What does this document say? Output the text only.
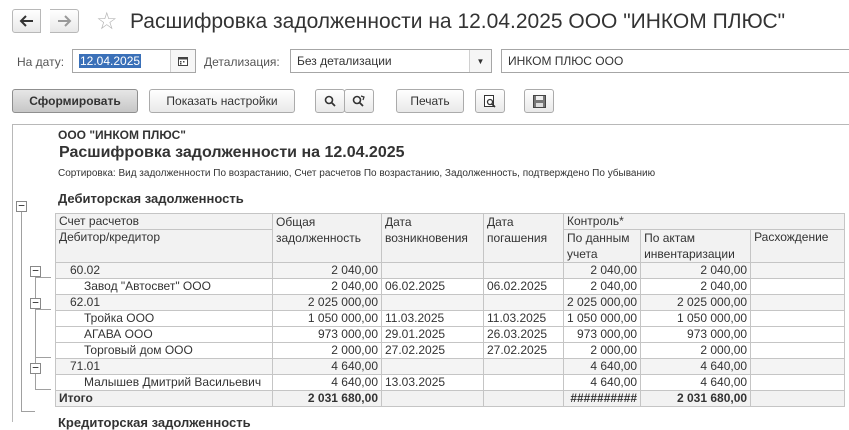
☆ Расшифровка задолженности на 12.04.2025 ООО "ИНКОМ ПЛЮС"
На дату:	12.04.2025	Детализация:	Без детализации	▼	ИНКОМ ПЛЮС ООО
Сформировать	Показать настройки	Печать
−
−
−
−
ООО "ИНКОМ ПЛЮС"
Расшифровка задолженности на 12.04.2025
Сортировка: Вид задолженности По возрастанию, Счет расчетов По возрастанию, Задолженность, подтверждено По убыванию
Дебиторская задолженность
Счет расчетов	Общая задолженность	Дата возникновения	Дата погашения	Контроль*		
Дебитор/кредитор				По данным учета	По актам инвентаризации	Расхождение
60.02	2 040,00			2 040,00	2 040,00	
Завод "Автосвет" ООО	2 040,00	06.02.2025	06.02.2025	2 040,00	2 040,00	
62.01	2 025 000,00			2 025 000,00	2 025 000,00	
Тройка ООО	1 050 000,00	11.03.2025	11.03.2025	1 050 000,00	1 050 000,00	
АГАВА ООО	973 000,00	29.01.2025	26.03.2025	973 000,00	973 000,00	
Торговый дом ООО	2 000,00	27.02.2025	27.02.2025	2 000,00	2 000,00	
71.01	4 640,00			4 640,00	4 640,00	
Малышев Дмитрий Васильевич	4 640,00	13.03.2025		4 640,00	4 640,00	
Итого	2 031 680,00			##########	2 031 680,00	
Кредиторская задолженность
